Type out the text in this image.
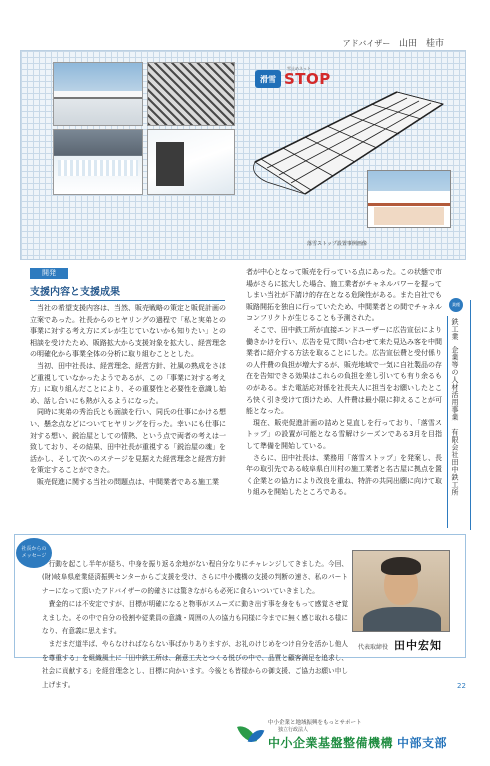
アドバイザー 山田　桂市
滑雪 STOP
雪止めネット
落雪ストップ設置事例画像
開発
支援内容と支援成果

当社の希望支援内容は、当然、販売戦略の策定と販促計画の立案であった。社長からのヒヤリングの過程で「私と実弟との事業に対する考え方にズレが生じていないかも知りたい」との相談を受けたため、販路拡大から支援対象を拡大し、経営理念の明確化から事業全体の分析に取り組むこととした。

当初、田中社長は、経営理念、経営方針、社風の熟成をさほど重視していなかったようであるが、この「事業に対する考え方」に取り組んだことにより、その重要性と必要性を意識し始め、話し合いにも熱が入るようになった。

同時に実弟の秀治氏とも面談を行い、同氏の仕事にかける想い、懸念点などについてヒヤリングを行った。幸いにも仕事に対する想い、鋭治屋としての情熱、という点で両者の考えは一致しており、その結果、田中社長が重視する「鋭治屋の魂」を活かし、そして次へのステージを見据えた経営理念と経営方針を策定することができた。

販売促進に関する当社の問題点は、中間業者である施工業

者が中心となって販売を行っている点にあった。この状態で市場がさらに拡大した場合、施工業者がチャネルパワーを握ってしまい当社が下請け的存在となる危険性がある。また自社でも販路開拓を独自に行っていたため、中間業者との間でチャネルコンフリクトが生じることも予測された。

そこで、田中鉄工所が直接エンドユーザーに広告宣伝により働きかけを行い、広告を見て問い合わせて来た見込み客を中間業者に紹介する方法を取ることにした。広告宣伝費と受付係りの人件費の負担が増大するが、販売地域で一気に自社製品の存在を告知できる効果はこれらの負担を差し引いても有り余るものがある。また電話応対係を社長夫人に担当をお願いしたところ快く引き受けて頂けため、人件費は最小限に抑えることが可能となった。

現在、販売促進計画の詰めと見直しを行っており、「落雪ストップ」の設置が可能となる雪解けシーズンである3月を目指して準備を開始している。

さらに、田中社長は、業務用「落雪ストップ」を発案し、長年の取引先である岐阜県白川村の施工業者と名古屋に拠点を置く企業との協力により改良を重ね、特許の共同出願に向けて取り組みを開始したところである。

業種
鉄工業
企業等の人材活用事業　有限会社田中鉄工所
社長からの
メッセージ

行動を起こし半年が経ち、中身を振り返る余地がない程自分なりにチャレンジしてきました。今回、(財)岐阜県産業経済振興センターからご支援を受け、さらに中小機構の支援の判断の速さ、私のパートナーになって頂いたアドバイザーの的確さには驚きながらも必死に食らいついていきました。

費金的には不安定ですが、目標が明確になると物事がスムーズに動き出す事を身をもって感覚させ覚えました。その中で自分の役割や従業員の意識・周囲の人の協力も同様に今までに無く感じ取れる様になり、有意義に思えます。

まだまだ道半ば、やらなければならない事ばかりありますが、お礼のけじめをつけ自分を活かし他人を尊重する」を組織風土に「田中鉄工所は、創意工夫とつくる悦びの中で、品質と顧客満足を追求し、社会に貢献する」を経営理念とし、目標に向かいます。今後とも皆様からの御支援、ご協力お願い申し上げます。

代表取締役 田中宏知
22
中小企業と地域振興をもっとサポート
独立行政法人
中小企業基盤整備機構 中部支部
